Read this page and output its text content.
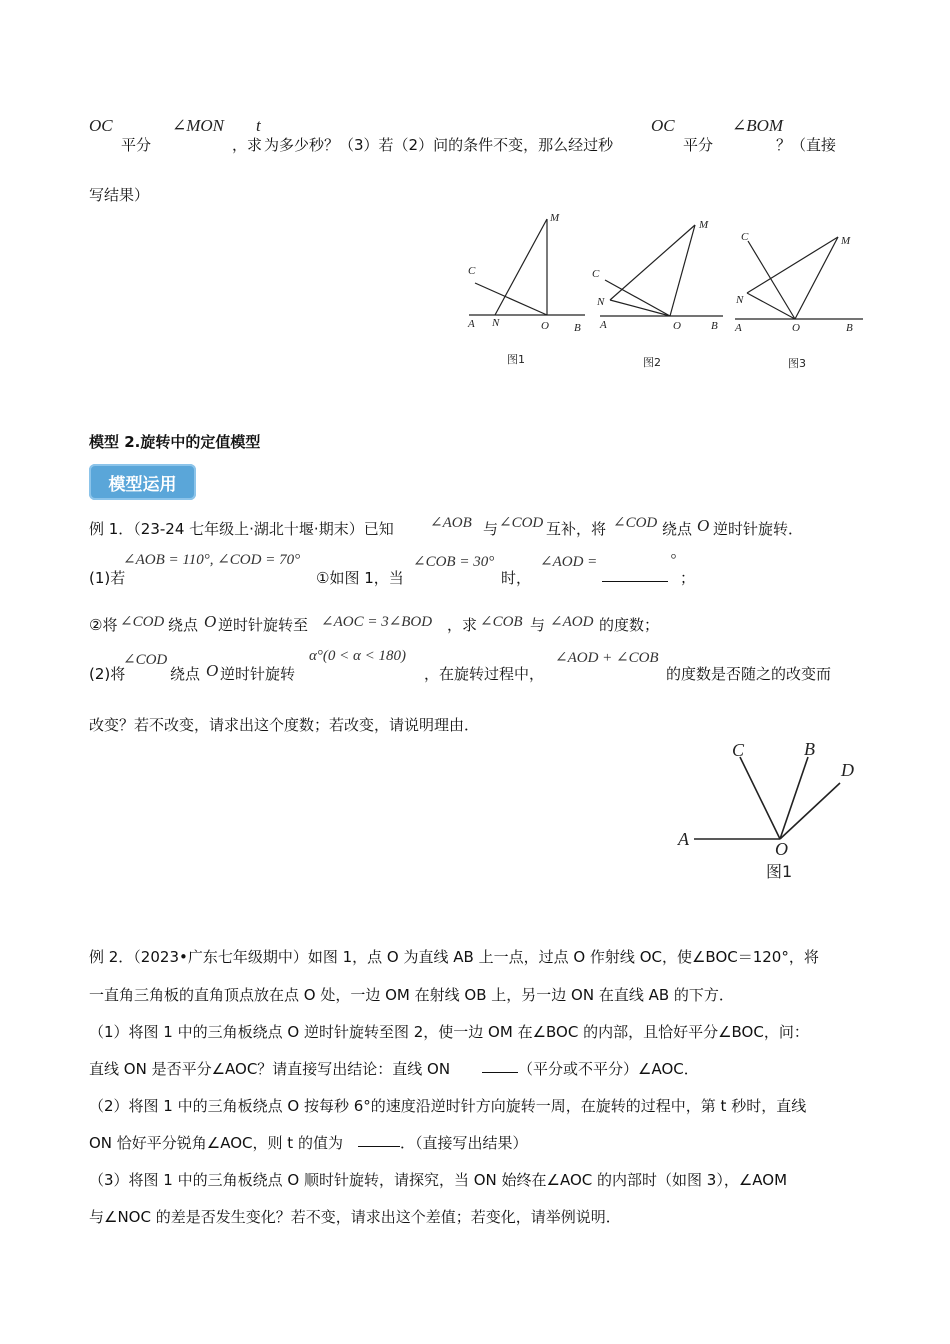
OC
平分
∠MON
，求
t
为多少秒？（3）若（2）问的条件不变，那么经过秒
OC
平分
∠BOM
？（直接
写结果）
M
C
A N	O B
图1
M
C
N
A	O	B
图2
C	M
N
A	O	B
图3
模型 2.旋转中的定值模型
模型运用
例 1．（23-24 七年级上·湖北十堰·期末）已知 ∠AOB 与 ∠COD 互补，将 ∠COD 绕点 O 逆时针旋转．
∠AOB = 110°, ∠COD = 70°
(1)若	①如图 1，当
∠COB = 30°
时，
∠AOD =	°
；
②将 ∠COD 绕点 O 逆时针旋转至 ∠AOC = 3∠BOD ，求 ∠COB 与 ∠AOD 的度数；
(2)将
∠COD
绕点 O 逆时针旋转
α°(0 < α < 180)
，在旋转过程中，
∠AOD + ∠COB
的度数是否随之的改变而
改变？若不改变，请求出这个度数；若改变，请说明理由．
C	B
D
A	O
图1
例 2．（2023•广东七年级期中）如图 1，点 O 为直线 AB 上一点，过点 O 作射线 OC，使∠BOC＝120°，将
一直角三角板的直角顶点放在点 O 处，一边 OM 在射线 OB 上，另一边 ON 在直线 AB 的下方．
（1）将图 1 中的三角板绕点 O 逆时针旋转至图 2，使一边 OM 在∠BOC 的内部，且恰好平分∠BOC，问：
直线 ON 是否平分∠AOC？请直接写出结论：直线 ON	（平分或不平分）∠AOC．
（2）将图 1 中的三角板绕点 O 按每秒 6°的速度沿逆时针方向旋转一周，在旋转的过程中，第 t 秒时，直线
ON 恰好平分锐角∠AOC，则 t 的值为	．（直接写出结果）
（3）将图 1 中的三角板绕点 O 顺时针旋转，请探究，当 ON 始终在∠AOC 的内部时（如图 3），∠AOM
与∠NOC 的差是否发生变化？若不变，请求出这个差值；若变化，请举例说明．
